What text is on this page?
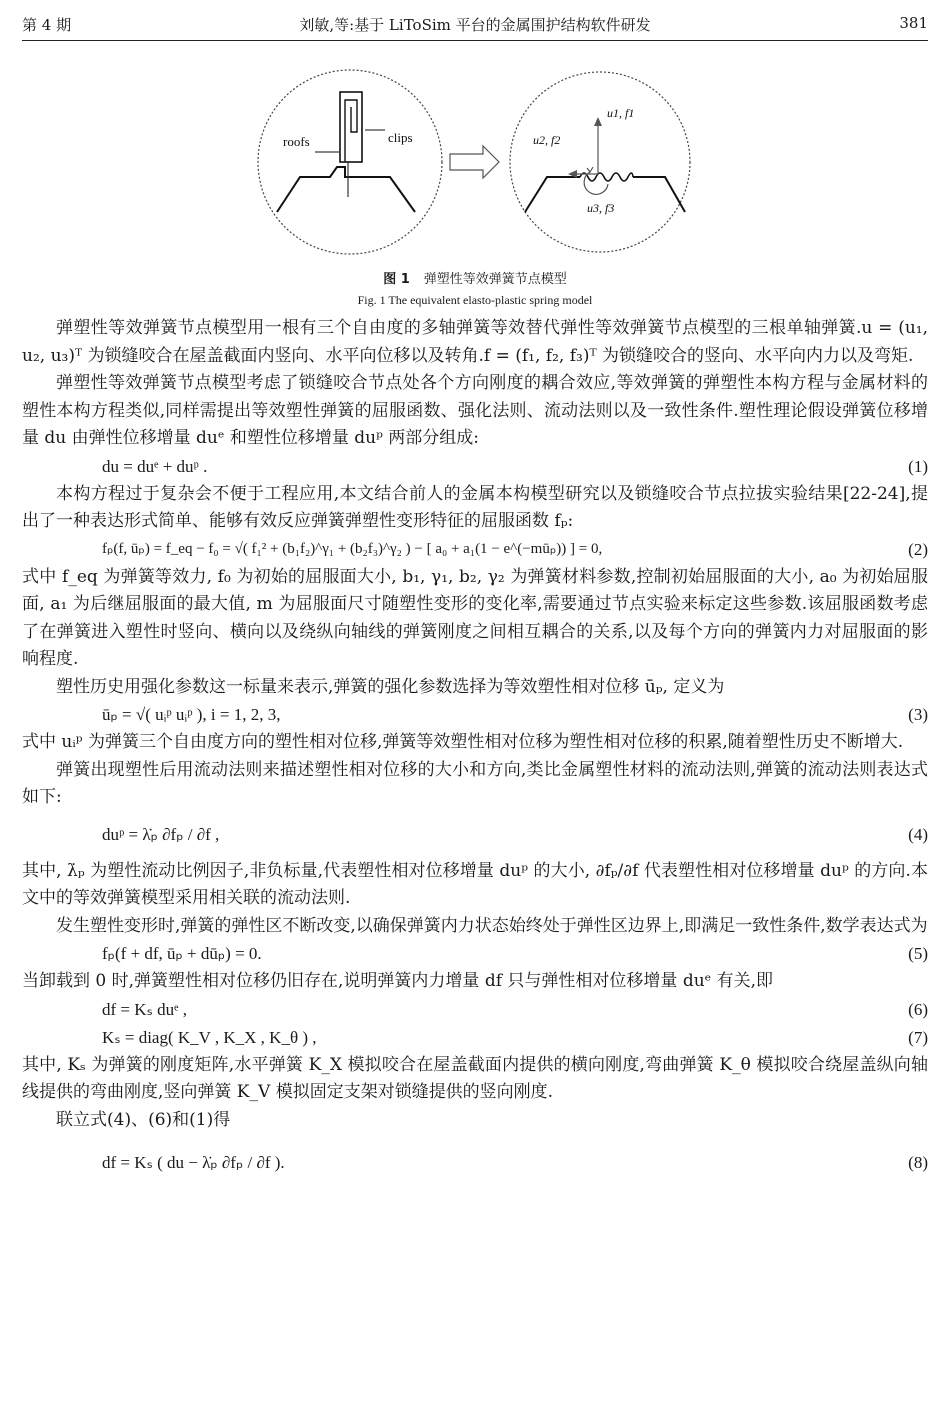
第 4 期	刘敏,等:基于 LiToSim 平台的金属围护结构软件研发	381
roofs	clips
u1, f1
u2, f2
u3, f3
图 1 弹塑性等效弹簧节点模型
Fig. 1 The equivalent elasto-plastic spring model

弹塑性等效弹簧节点模型用一根有三个自由度的多轴弹簧等效替代弹性等效弹簧节点模型的三根单轴弹簧.u = (u₁, u₂, u₃)ᵀ 为锁缝咬合在屋盖截面内竖向、水平向位移以及转角.f = (f₁, f₂, f₃)ᵀ 为锁缝咬合的竖向、水平向内力以及弯矩.

弹塑性等效弹簧节点模型考虑了锁缝咬合节点处各个方向刚度的耦合效应,等效弹簧的弹塑性本构方程与金属材料的塑性本构方程类似,同样需提出等效塑性弹簧的屈服函数、强化法则、流动法则以及一致性条件.塑性理论假设弹簧位移增量 du 由弹性位移增量 duᵉ 和塑性位移增量 duᵖ 两部分组成:

du = duᵉ + duᵖ .	(1)

本构方程过于复杂会不便于工程应用,本文结合前人的金属本构模型研究以及锁缝咬合节点拉拔实验结果[22-24],提出了一种表达形式简单、能够有效反应弹簧弹塑性变形特征的屈服函数 fₚ:

fₚ(f, ūₚ) = f_eq − f₀ = √( f₁² + (b₁f₂)^γ₁ + (b₂f₃)^γ₂ ) − [ a₀ + a₁(1 − e^(−mūₚ)) ] = 0,	(2)

式中 f_eq 为弹簧等效力, f₀ 为初始的屈服面大小, b₁, γ₁, b₂, γ₂ 为弹簧材料参数,控制初始屈服面的大小, a₀ 为初始屈服面, a₁ 为后继屈服面的最大值, m 为屈服面尺寸随塑性变形的变化率,需要通过节点实验来标定这些参数.该屈服函数考虑了在弹簧进入塑性时竖向、横向以及绕纵向轴线的弹簧刚度之间相互耦合的关系,以及每个方向的弹簧内力对屈服面的影响程度.

塑性历史用强化参数这一标量来表示,弹簧的强化参数选择为等效塑性相对位移 ūₚ, 定义为

ūₚ = √( uᵢᵖ uᵢᵖ ), i = 1, 2, 3,	(3)

式中 uᵢᵖ 为弹簧三个自由度方向的塑性相对位移,弹簧等效塑性相对位移为塑性相对位移的积累,随着塑性历史不断增大.

弹簧出现塑性后用流动法则来描述塑性相对位移的大小和方向,类比金属塑性材料的流动法则,弹簧的流动法则表达式如下:

duᵖ = λ̇ₚ ∂fₚ / ∂f ,	(4)

其中, λ̇ₚ 为塑性流动比例因子,非负标量,代表塑性相对位移增量 duᵖ 的大小, ∂fₚ/∂f 代表塑性相对位移增量 duᵖ 的方向.本文中的等效弹簧模型采用相关联的流动法则.

发生塑性变形时,弹簧的弹性区不断改变,以确保弹簧内力状态始终处于弹性区边界上,即满足一致性条件,数学表达式为

fₚ(f + df, ūₚ + dūₚ) = 0.	(5)

当卸载到 0 时,弹簧塑性相对位移仍旧存在,说明弹簧内力增量 df 只与弹性相对位移增量 duᵉ 有关,即

df = Kₛ duᵉ ,	(6)
Kₛ = diag( K_V , K_X , K_θ ) ,	(7)

其中, Kₛ 为弹簧的刚度矩阵,水平弹簧 K_X 模拟咬合在屋盖截面内提供的横向刚度,弯曲弹簧 K_θ 模拟咬合绕屋盖纵向轴线提供的弯曲刚度,竖向弹簧 K_V 模拟固定支架对锁缝提供的竖向刚度.

联立式(4)、(6)和(1)得

df = Kₛ ( du − λ̇ₚ ∂fₚ / ∂f ).	(8)
